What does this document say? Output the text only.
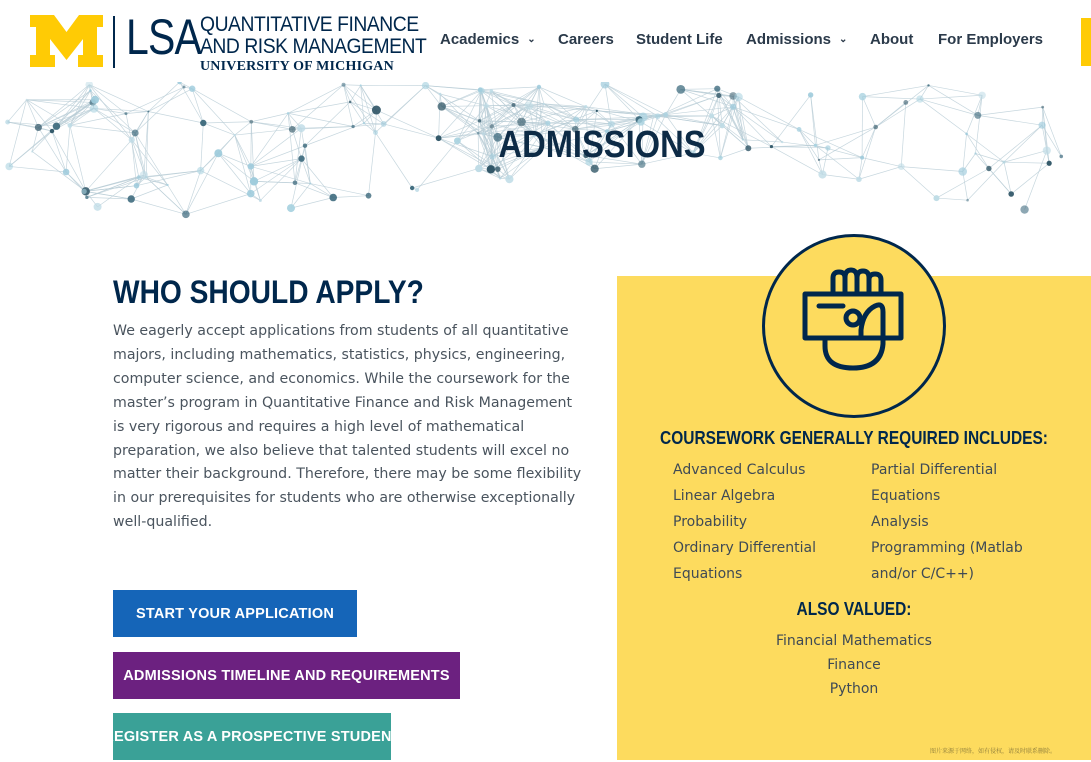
LSA
QUANTITATIVE FINANCE
AND RISK MANAGEMENT
UNIVERSITY OF MICHIGAN
Academics ⌄ Careers Student Life Admissions ⌄ About For Employers
ADMISSIONS
WHO SHOULD APPLY?
We eagerly accept applications from students of all quantitative majors, including mathematics, statistics, physics, engineering, computer science, and economics. While the coursework for the master’s program in Quantitative Finance and Risk Management is very rigorous and requires a high level of mathematical preparation, we also believe that talented students will excel no matter their background. Therefore, there may be some flexibility in our prerequisites for students who are otherwise exceptionally well-qualified.
START YOUR APPLICATION
ADMISSIONS TIMELINE AND REQUIREMENTS
REGISTER AS A PROSPECTIVE STUDENT
COURSEWORK GENERALLY REQUIRED INCLUDES:
Advanced Calculus
Linear Algebra
Probability
Ordinary Differential
Equations
Partial Differential
Equations
Analysis
Programming (Matlab
and/or C/C++)
ALSO VALUED:
Financial Mathematics
Finance
Python
图片来源于网络，如有侵权，请及时联系删除。
